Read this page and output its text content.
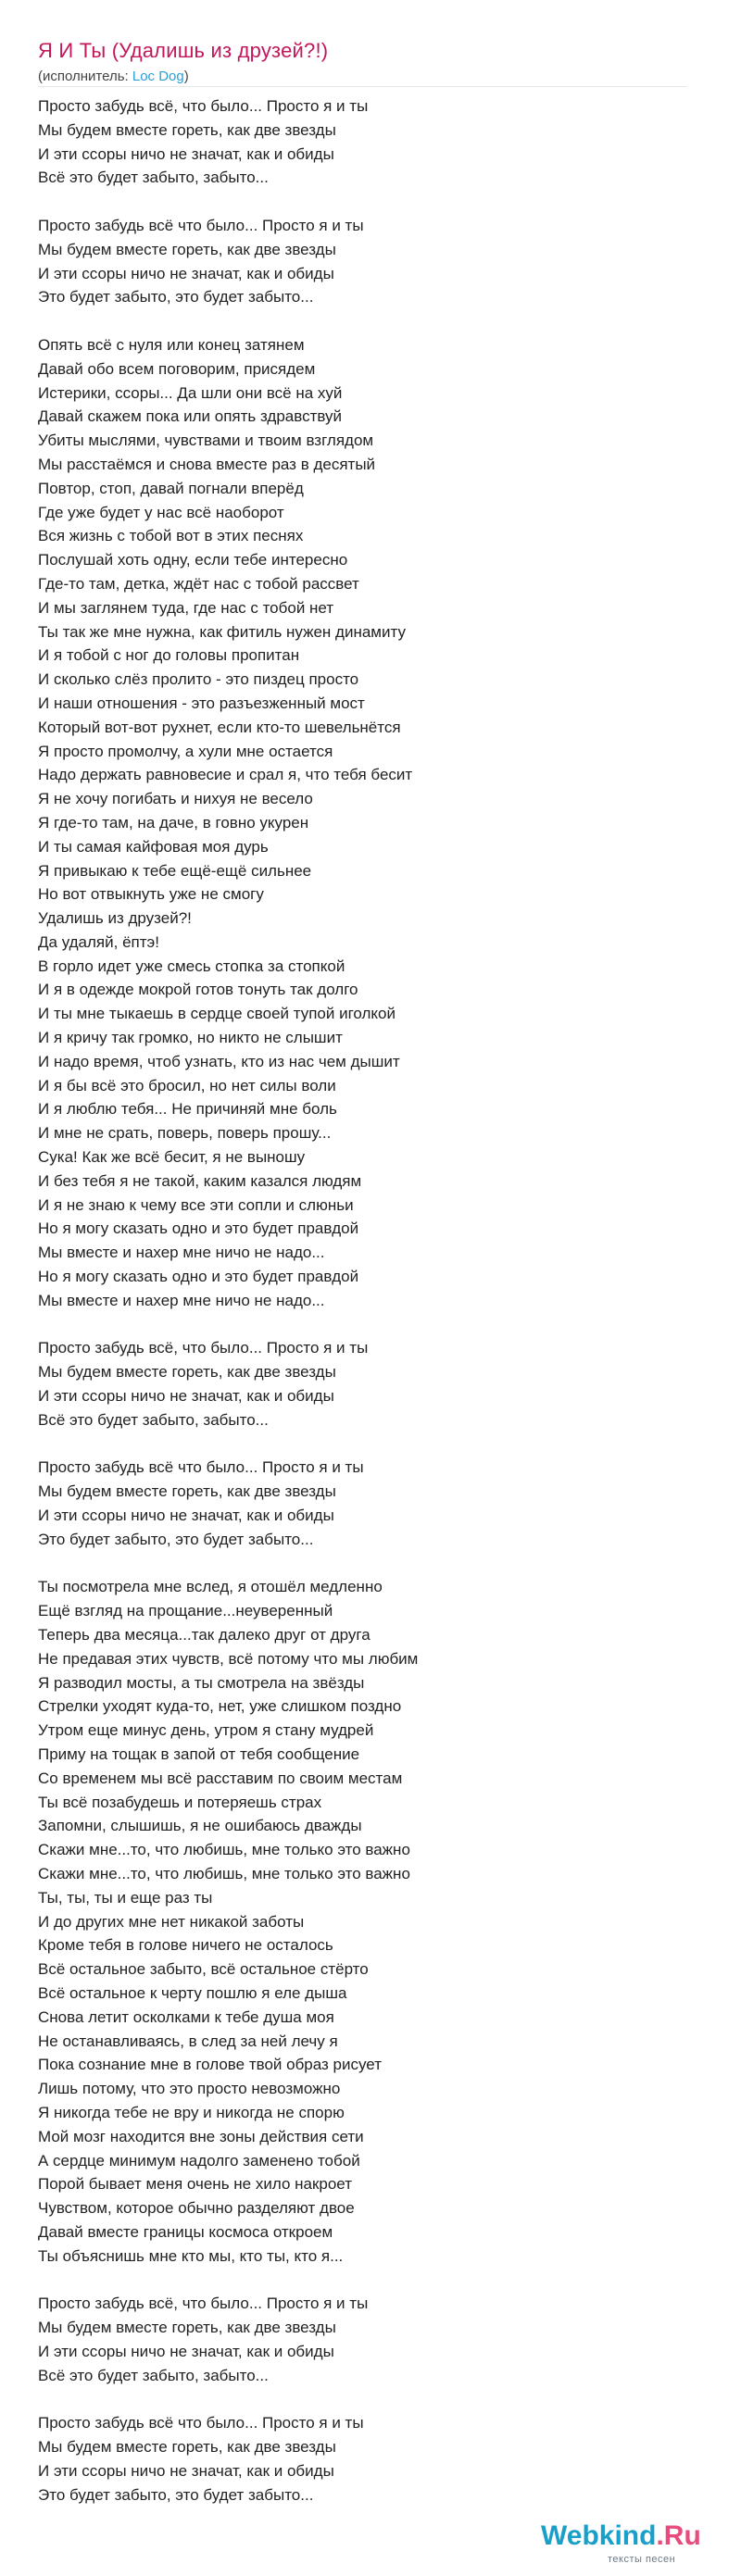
Я И Ты (Удалишь из друзей?!)
(исполнитель: Loc Dog)
Просто забудь всё, что было... Просто я и ты
Мы будем вместе гореть, как две звезды
И эти ссоры ничо не значат, как и обиды
Всё это будет забыто, забыто...
Просто забудь всё что было... Просто я и ты
Мы будем вместе гореть, как две звезды
И эти ссоры ничо не значат, как и обиды
Это будет забыто, это будет забыто...
Опять всё с нуля или конец затянем
Давай обо всем поговорим, присядем
Истерики, ссоры... Да шли они всё на хуй
Давай скажем пока или опять здравствуй
Убиты мыслями, чувствами и твоим взглядом
Мы расстаёмся и снова вместе раз в десятый
Повтор, стоп, давай погнали вперёд
Где уже будет у нас всё наоборот
Вся жизнь с тобой вот в этих песнях
Послушай хоть одну, если тебе интересно
Где-то там, детка, ждёт нас с тобой рассвет
И мы заглянем туда, где нас с тобой нет
Ты так же мне нужна, как фитиль нужен динамиту
И я тобой с ног до головы пропитан
И сколько слёз пролито - это пиздец просто
И наши отношения - это разъезженный мост
Который вот-вот рухнет, если кто-то шевельнётся
Я просто промолчу, а хули мне остается
Надо держать равновесие и срал я, что тебя бесит
Я не хочу погибать и нихуя не весело
Я где-то там, на даче, в говно укурен
И ты самая кайфовая моя дурь
Я привыкаю к тебе ещё-ещё сильнее
Но вот отвыкнуть уже не смогу
Удалишь из друзей?!
Да удаляй, ёптэ!
В горло идет уже смесь стопка за стопкой
И я в одежде мокрой готов тонуть так долго
И ты мне тыкаешь в сердце своей тупой иголкой
И я кричу так громко, но никто не слышит
И надо время, чтоб узнать, кто из нас чем дышит
И я бы всё это бросил, но нет силы воли
И я люблю тебя... Не причиняй мне боль
И мне не срать, поверь, поверь прошу...
Сука! Как же всё бесит, я не выношу
И без тебя я не такой, каким казался людям
И я не знаю к чему все эти сопли и слюньи
Но я могу сказать одно и это будет правдой
Мы вместе и нахер мне ничо не надо...
Но я могу сказать одно и это будет правдой
Мы вместе и нахер мне ничо не надо...
Просто забудь всё, что было... Просто я и ты
Мы будем вместе гореть, как две звезды
И эти ссоры ничо не значат, как и обиды
Всё это будет забыто, забыто...
Просто забудь всё что было... Просто я и ты
Мы будем вместе гореть, как две звезды
И эти ссоры ничо не значат, как и обиды
Это будет забыто, это будет забыто...
Ты посмотрела мне вслед, я отошёл медленно
Ещё взгляд на прощание...неуверенный
Теперь два месяца...так далеко друг от друга
Не предавая этих чувств, всё потому что мы любим
Я разводил мосты, а ты смотрела на звёзды
Стрелки уходят куда-то, нет, уже слишком поздно
Утром еще минус день, утром я стану мудрей
Приму на тощак в запой от тебя сообщение
Со временем мы всё расставим по своим местам
Ты всё позабудешь и потеряешь страх
Запомни, слышишь, я не ошибаюсь дважды
Скажи мне...то, что любишь, мне только это важно
Скажи мне...то, что любишь, мне только это важно
Ты, ты, ты и еще раз ты
И до других мне нет никакой заботы
Кроме тебя в голове ничего не осталось
Всё остальное забыто, всё остальное стёрто
Всё остальное к черту пошлю я еле дыша
Снова летит осколками к тебе душа моя
Не останавливаясь, в след за ней лечу я
Пока сознание мне в голове твой образ рисует
Лишь потому, что это просто невозможно
Я никогда тебе не вру и никогда не спорю
Мой мозг находится вне зоны действия сети
А сердце минимум надолго заменено тобой
Порой бывает меня очень не хило накроет
Чувством, которое обычно разделяют двое
Давай вместе границы космоса откроем
Ты объяснишь мне кто мы, кто ты, кто я...
Просто забудь всё, что было... Просто я и ты
Мы будем вместе гореть, как две звезды
И эти ссоры ничо не значат, как и обиды
Всё это будет забыто, забыто...
Просто забудь всё что было... Просто я и ты
Мы будем вместе гореть, как две звезды
И эти ссоры ничо не значат, как и обиды
Это будет забыто, это будет забыто...
Webkind.Ru
тексты песен
